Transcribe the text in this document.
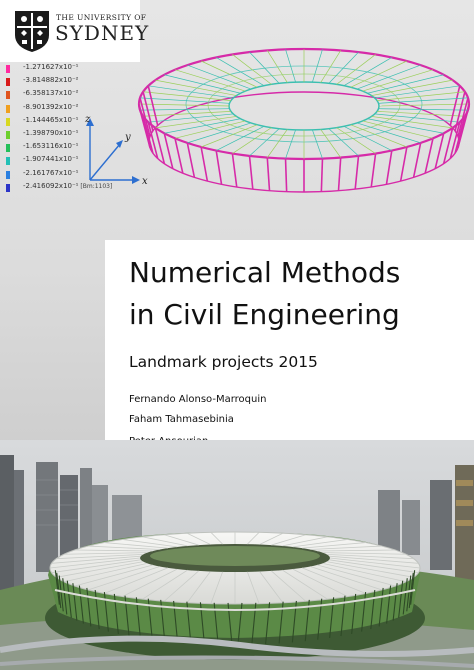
THE UNIVERSITY OF
SYDNEY
-1.271627x10⁻¹
-3.814882x10⁻²
-6.358137x10⁻²
-8.901392x10⁻²
-1.144465x10⁻¹
-1.398790x10⁻¹
-1.653116x10⁻¹
-1.907441x10⁻¹
-2.161767x10⁻¹
-2.416092x10⁻¹ [Bm:1103]
z
y
x
Numerical Methods
in Civil Engineering
Landmark projects 2015
Fernando Alonso-Marroquin
Faham Tahmasebinia
